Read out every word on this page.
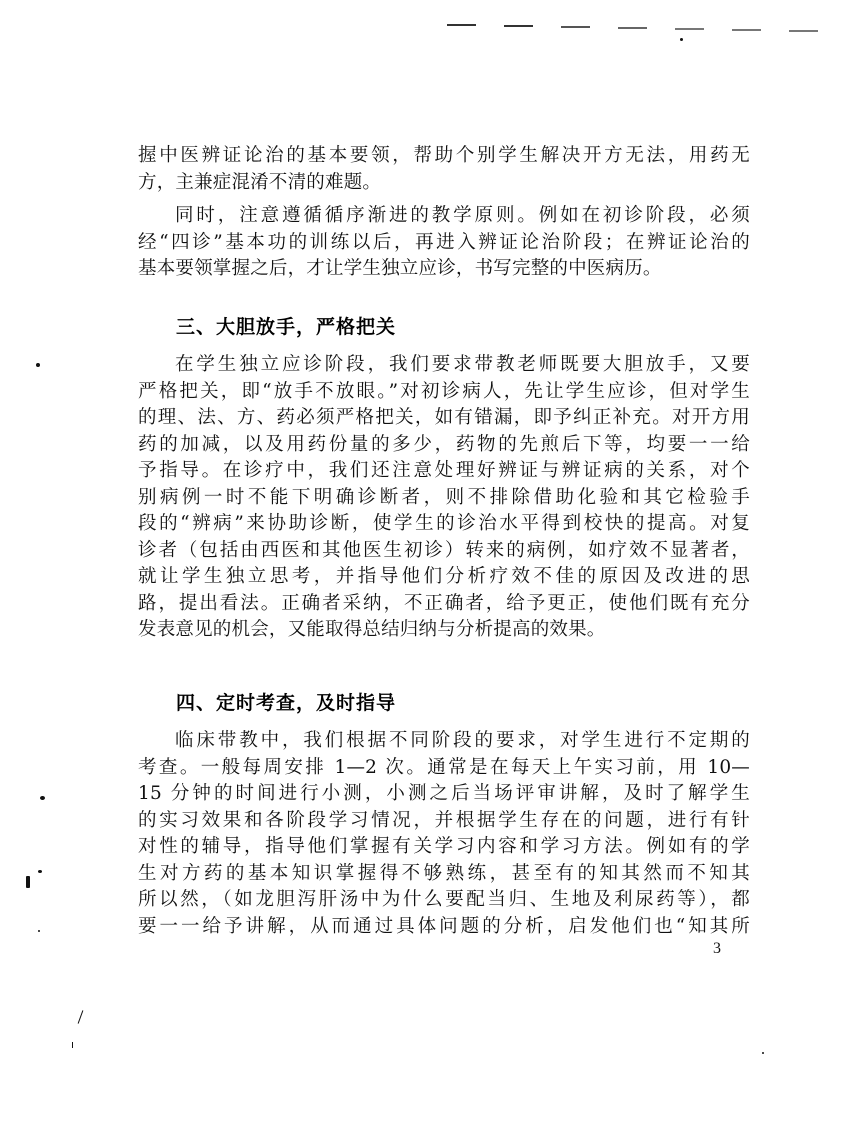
握中医辨证论治的基本要领，帮助个别学生解决开方无法，用药无
方，主兼症混淆不清的难题。
同时，注意遵循循序渐进的教学原则。例如在初诊阶段，必须
经“四诊”基本功的训练以后，再进入辨证论治阶段；在辨证论治的
基本要领掌握之后，才让学生独立应诊，书写完整的中医病历。
三、大胆放手，严格把关
在学生独立应诊阶段，我们要求带教老师既要大胆放手，又要
严格把关，即“放手不放眼。”对初诊病人，先让学生应诊，但对学生
的理、法、方、药必须严格把关，如有错漏，即予纠正补充。对开方用
药的加减，以及用药份量的多少，药物的先煎后下等，均要一一给
予指导。在诊疗中，我们还注意处理好辨证与辨证病的关系，对个
别病例一时不能下明确诊断者，则不排除借助化验和其它检验手
段的“辨病”来协助诊断，使学生的诊治水平得到校快的提高。对复
诊者（包括由西医和其他医生初诊）转来的病例，如疗效不显著者，
就让学生独立思考，并指导他们分析疗效不佳的原因及改进的思
路，提出看法。正确者采纳，不正确者，给予更正，使他们既有充分
发表意见的机会，又能取得总结归纳与分析提高的效果。
四、定时考查，及时指导
临床带教中，我们根据不同阶段的要求，对学生进行不定期的
考查。一般每周安排 1—2 次。通常是在每天上午实习前，用 10—
15 分钟的时间进行小测，小测之后当场评审讲解，及时了解学生
的实习效果和各阶段学习情况，并根据学生存在的问题，进行有针
对性的辅导，指导他们掌握有关学习内容和学习方法。例如有的学
生对方药的基本知识掌握得不够熟练，甚至有的知其然而不知其
所以然，（如龙胆泻肝汤中为什么要配当归、生地及利尿药等），都
要一一给予讲解，从而通过具体问题的分析，启发他们也“知其所
3
